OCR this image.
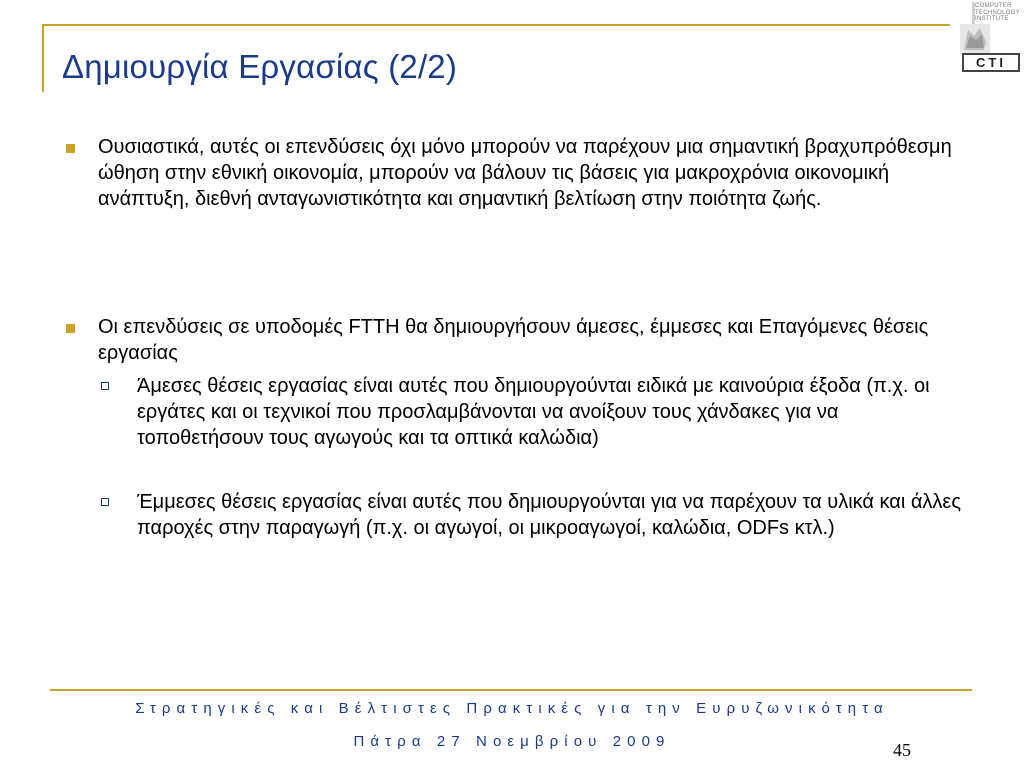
Δημιουργία Εργασίας (2/2)
COMPUTER
TECHNOLOGY
INSTITUTE
CTI
Ουσιαστικά, αυτές οι επενδύσεις όχι μόνο μπορούν να παρέχουν μια σημαντική βραχυπρόθεσμη ώθηση στην εθνική οικονομία, μπορούν να βάλουν τις βάσεις για μακροχρόνια οικονομική ανάπτυξη, διεθνή ανταγωνιστικότητα και σημαντική βελτίωση στην ποιότητα ζωής.
Οι επενδύσεις σε υποδομές FTTH θα δημιουργήσουν άμεσες, έμμεσες και Επαγόμενες θέσεις εργασίας
Άμεσες θέσεις εργασίας είναι αυτές που δημιουργούνται ειδικά με καινούρια έξοδα (π.χ. οι εργάτες και οι τεχνικοί που προσλαμβάνονται να ανοίξουν τους χάνδακες για να τοποθετήσουν τους αγωγούς και τα οπτικά καλώδια)
Έμμεσες θέσεις εργασίας είναι αυτές που δημιουργούνται για να παρέχουν τα υλικά και άλλες παροχές στην παραγωγή (π.χ. οι αγωγοί, οι μικροαγωγοί, καλώδια, ODFs κτλ.)
Στρατηγικές και Βέλτιστες Πρακτικές για την Ευρυζωνικότητα
Πάτρα 27 Νοεμβρίου 2009	45
